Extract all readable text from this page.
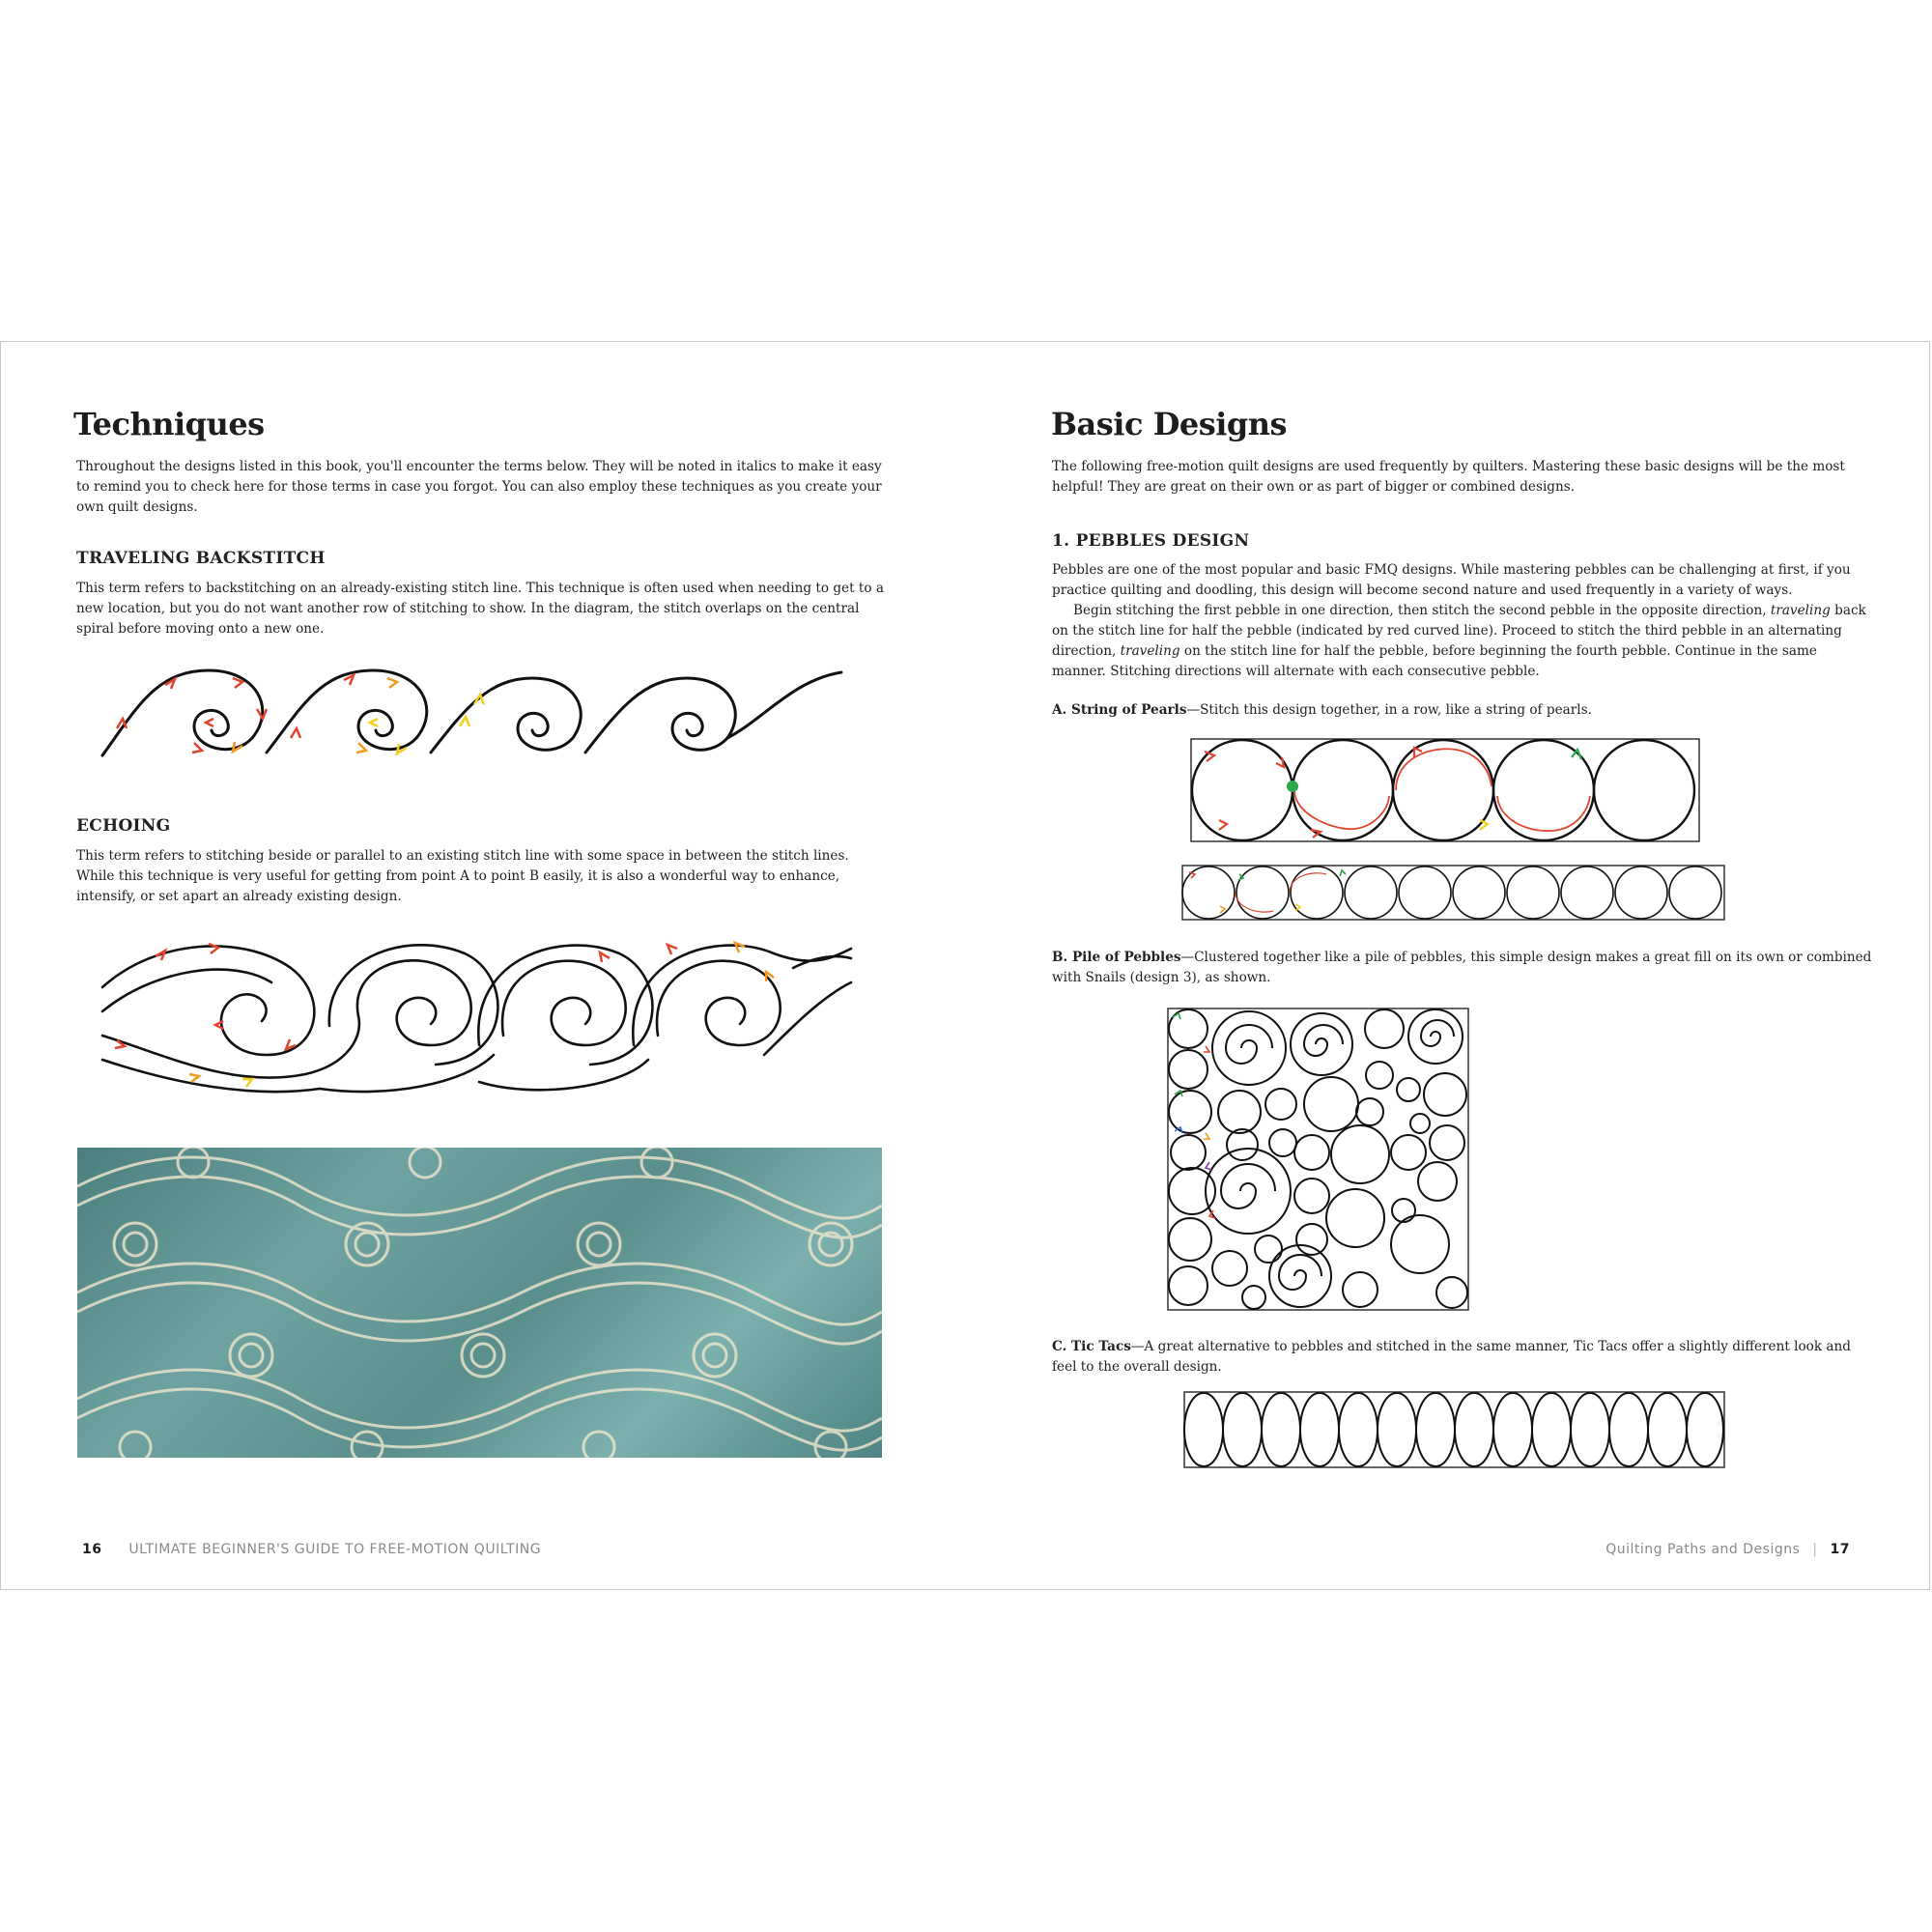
Techniques

Throughout the designs listed in this book, you'll encounter the terms below. They will be noted in italics to make it easy to remind you to check here for those terms in case you forgot. You can also employ these techniques as you create your own quilt designs.

TRAVELING BACKSTITCH

This term refers to backstitching on an already-existing stitch line. This technique is often used when needing to get to a new location, but you do not want another row of stitching to show. In the diagram, the stitch overlaps on the central spiral before moving onto a new one.

ECHOING

This term refers to stitching beside or parallel to an existing stitch line with some space in between the stitch lines. While this technique is very useful for getting from point A to point B easily, it is also a wonderful way to enhance, intensify, or set apart an already existing design.

16 ULTIMATE BEGINNER'S GUIDE TO FREE-MOTION QUILTING
Basic Designs

The following free-motion quilt designs are used frequently by quilters. Mastering these basic designs will be the most helpful! They are great on their own or as part of bigger or combined designs.

1. PEBBLES DESIGN

Pebbles are one of the most popular and basic FMQ designs. While mastering pebbles can be challenging at first, if you practice quilting and doodling, this design will become second nature and used frequently in a variety of ways.
Begin stitching the first pebble in one direction, then stitch the second pebble in the opposite direction, traveling back on the stitch line for half the pebble (indicated by red curved line). Proceed to stitch the third pebble in an alternating direction, traveling on the stitch line for half the pebble, before beginning the fourth pebble. Continue in the same manner. Stitching directions will alternate with each consecutive pebble.

A. String of Pearls—Stitch this design together, in a row, like a string of pearls.

B. Pile of Pebbles—Clustered together like a pile of pebbles, this simple design makes a great fill on its own or combined with Snails (design 3), as shown.

C. Tic Tacs—A great alternative to pebbles and stitched in the same manner, Tic Tacs offer a slightly different look and feel to the overall design.

Quilting Paths and Designs | 17
